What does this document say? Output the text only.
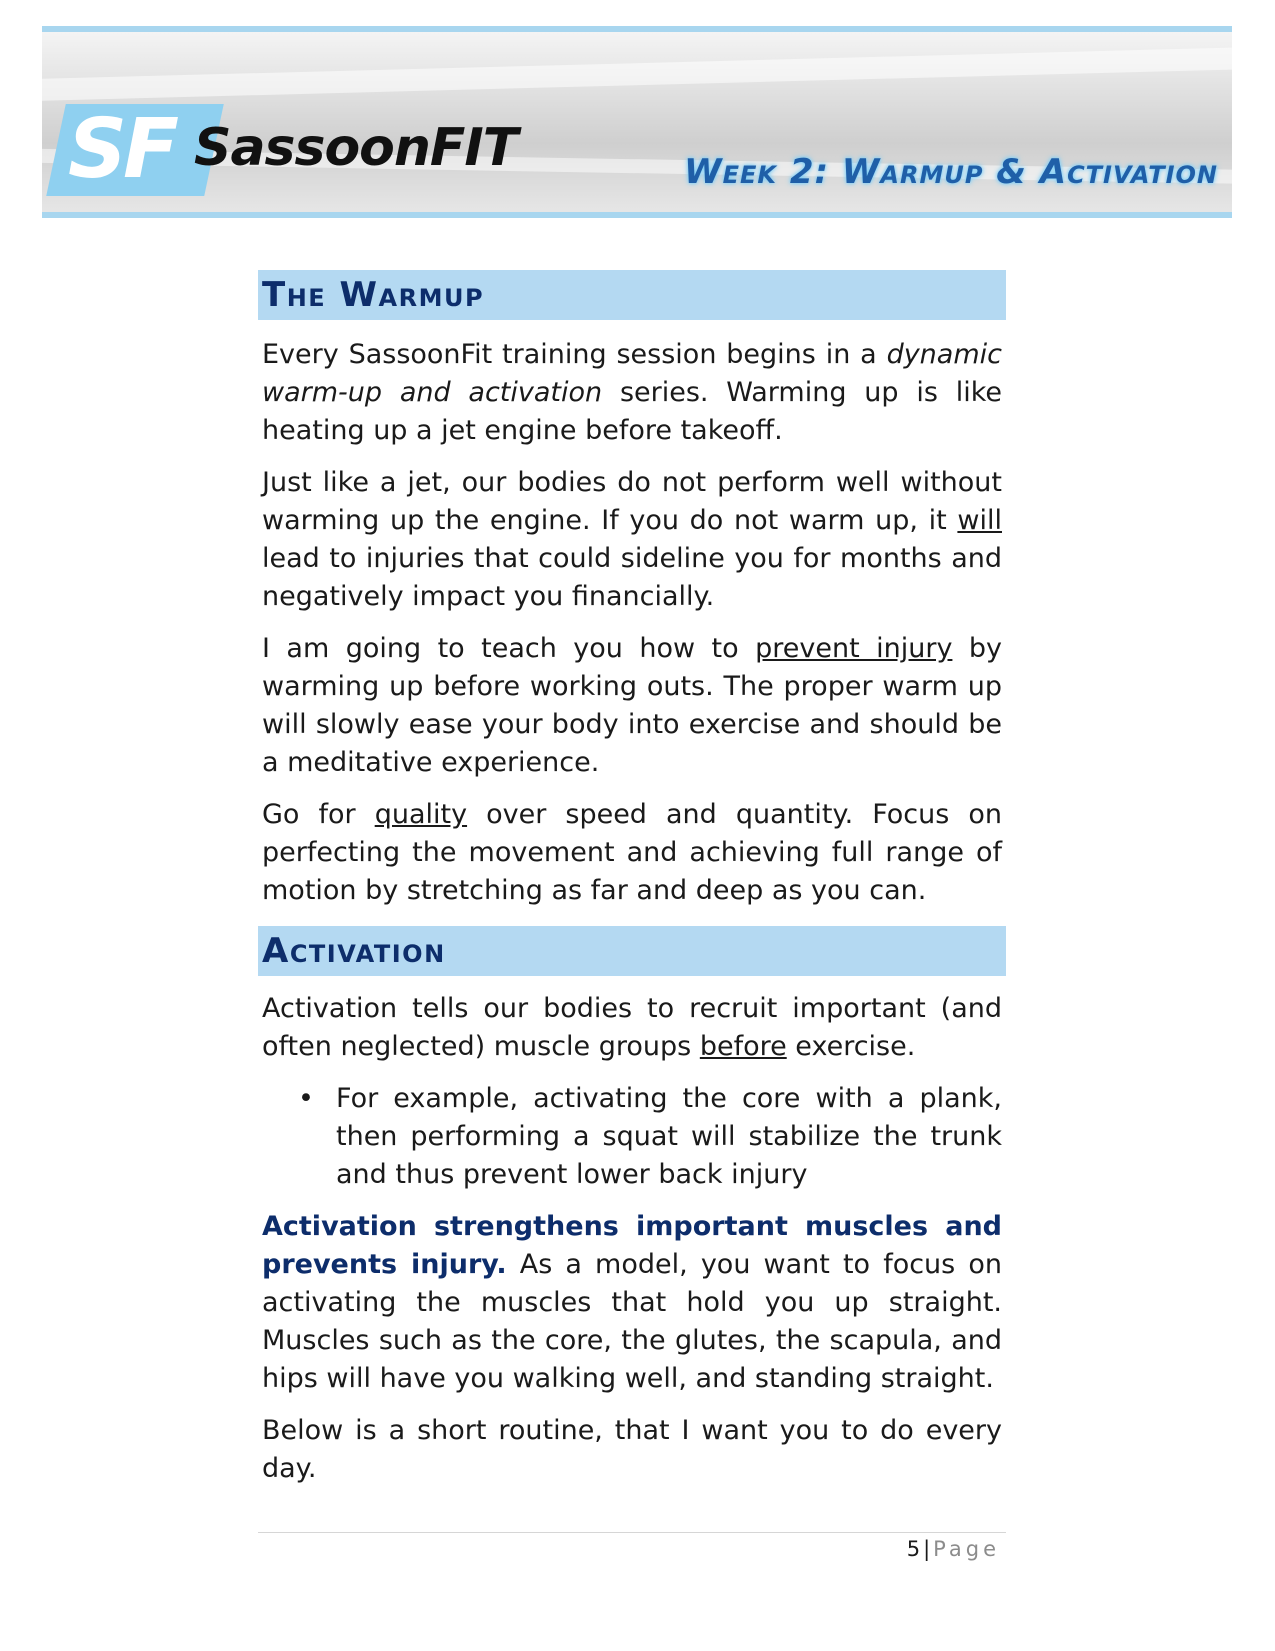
SF SassoonFIT	Week 2: Warmup & Activation
The Warmup

Every SassoonFit training session begins in a dynamic warm-up and activation series. Warming up is like heating up a jet engine before takeoff.

Just like a jet, our bodies do not perform well without warming up the engine. If you do not warm up, it will lead to injuries that could sideline you for months and negatively impact you financially.

I am going to teach you how to prevent injury by warming up before working outs. The proper warm up will slowly ease your body into exercise and should be a meditative experience.

Go for quality over speed and quantity. Focus on perfecting the movement and achieving full range of motion by stretching as far and deep as you can.

Activation

Activation tells our bodies to recruit important (and often neglected) muscle groups before exercise.

• For example, activating the core with a plank, then performing a squat will stabilize the trunk and thus prevent lower back injury

Activation strengthens important muscles and prevents injury. As a model, you want to focus on activating the muscles that hold you up straight. Muscles such as the core, the glutes, the scapula, and hips will have you walking well, and standing straight.

Below is a short routine, that I want you to do every day.

5 | Page
